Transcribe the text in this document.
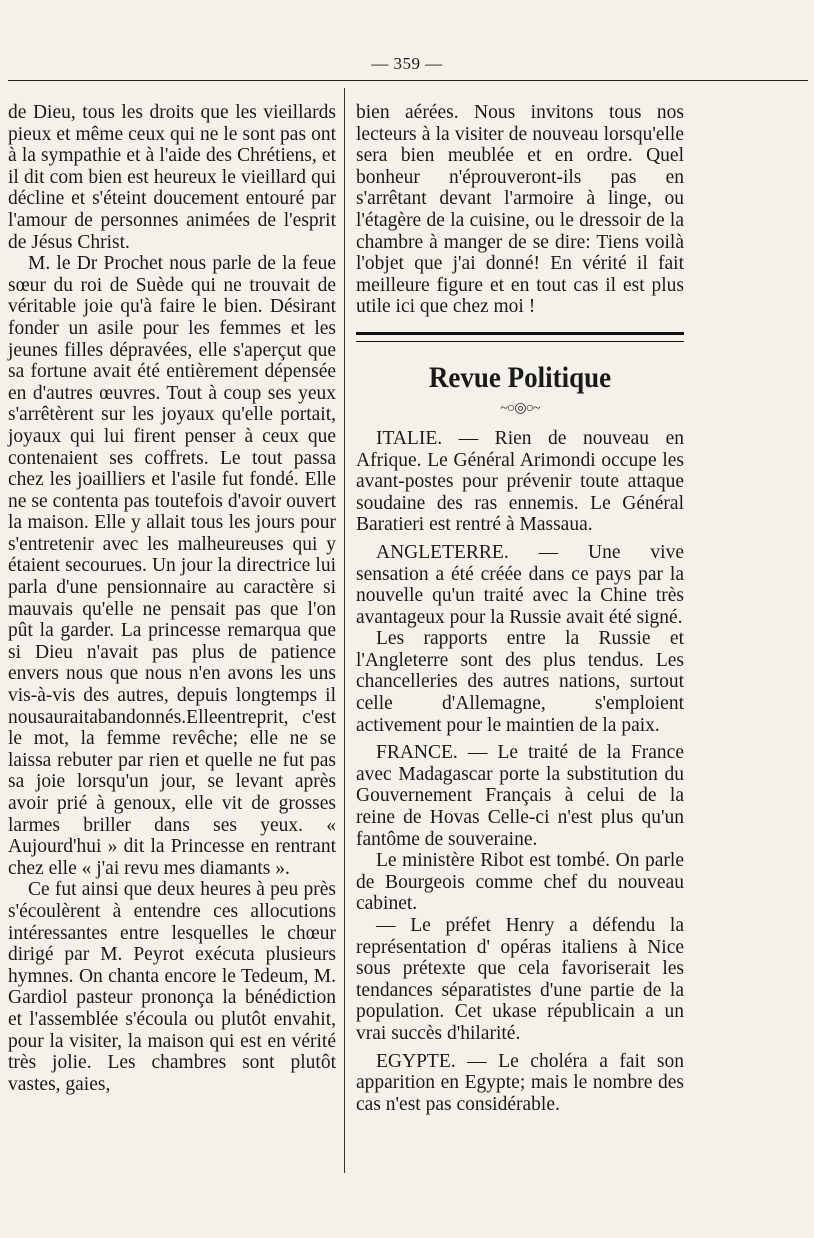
— 359 —

de Dieu, tous les droits que les vieillards pieux et même ceux qui ne le sont pas ont à la sympathie et à l'aide des Chrétiens, et il dit com bien est heureux le vieillard qui décline et s'éteint doucement entouré par l'amour de personnes animées de l'esprit de Jésus Christ.

M. le Dr Prochet nous parle de la feue sœur du roi de Suède qui ne trouvait de véritable joie qu'à faire le bien. Désirant fonder un asile pour les femmes et les jeunes filles dépravées, elle s'aperçut que sa fortune avait été entièrement dépensée en d'autres œuvres. Tout à coup ses yeux s'arrêtèrent sur les joyaux qu'elle portait, joyaux qui lui firent penser à ceux que contenaient ses coffrets. Le tout passa chez les joailliers et l'asile fut fondé. Elle ne se contenta pas toutefois d'avoir ouvert la maison. Elle y allait tous les jours pour s'entretenir avec les malheureuses qui y étaient secourues. Un jour la directrice lui parla d'une pensionnaire au caractère si mauvais qu'elle ne pensait pas que l'on pût la garder. La princesse remarqua que si Dieu n'avait pas plus de patience envers nous que nous n'en avons les uns vis-à-vis des autres, depuis longtemps il nousauraitabandonnés.Elleentreprit, c'est le mot, la femme revêche; elle ne se laissa rebuter par rien et quelle ne fut pas sa joie lorsqu'un jour, se levant après avoir prié à genoux, elle vit de grosses larmes briller dans ses yeux. « Aujourd'hui » dit la Princesse en rentrant chez elle « j'ai revu mes diamants ».

Ce fut ainsi que deux heures à peu près s'écoulèrent à entendre ces allocutions intéressantes entre lesquelles le chœur dirigé par M. Peyrot exécuta plusieurs hymnes. On chanta encore le Tedeum, M. Gardiol pasteur prononça la bénédiction et l'assemblée s'écoula ou plutôt envahit, pour la visiter, la maison qui est en vérité très jolie. Les chambres sont plutôt vastes, gaies,

bien aérées. Nous invitons tous nos lecteurs à la visiter de nouveau lorsqu'elle sera bien meublée et en ordre. Quel bonheur n'éprouveront-ils pas en s'arrêtant devant l'armoire à linge, ou l'étagère de la cuisine, ou le dressoir de la chambre à manger de se dire: Tiens voilà l'objet que j'ai donné! En vérité il fait meilleure figure et en tout cas il est plus utile ici que chez moi !

Revue Politique
~○◎○~

ITALIE. — Rien de nouveau en Afrique. Le Général Arimondi occupe les avant-postes pour prévenir toute attaque soudaine des ras ennemis. Le Général Baratieri est rentré à Massaua.

ANGLETERRE. — Une vive sensation a été créée dans ce pays par la nouvelle qu'un traité avec la Chine très avantageux pour la Russie avait été signé.

Les rapports entre la Russie et l'Angleterre sont des plus tendus. Les chancelleries des autres nations, surtout celle d'Allemagne, s'emploient activement pour le maintien de la paix.

FRANCE. — Le traité de la France avec Madagascar porte la substitution du Gouvernement Français à celui de la reine de Hovas Celle-ci n'est plus qu'un fantôme de souveraine.

Le ministère Ribot est tombé. On parle de Bourgeois comme chef du nouveau cabinet.

— Le préfet Henry a défendu la représentation d' opéras italiens à Nice sous prétexte que cela favoriserait les tendances séparatistes d'une partie de la population. Cet ukase républicain a un vrai succès d'hilarité.

EGYPTE. — Le choléra a fait son apparition en Egypte; mais le nombre des cas n'est pas considérable.
